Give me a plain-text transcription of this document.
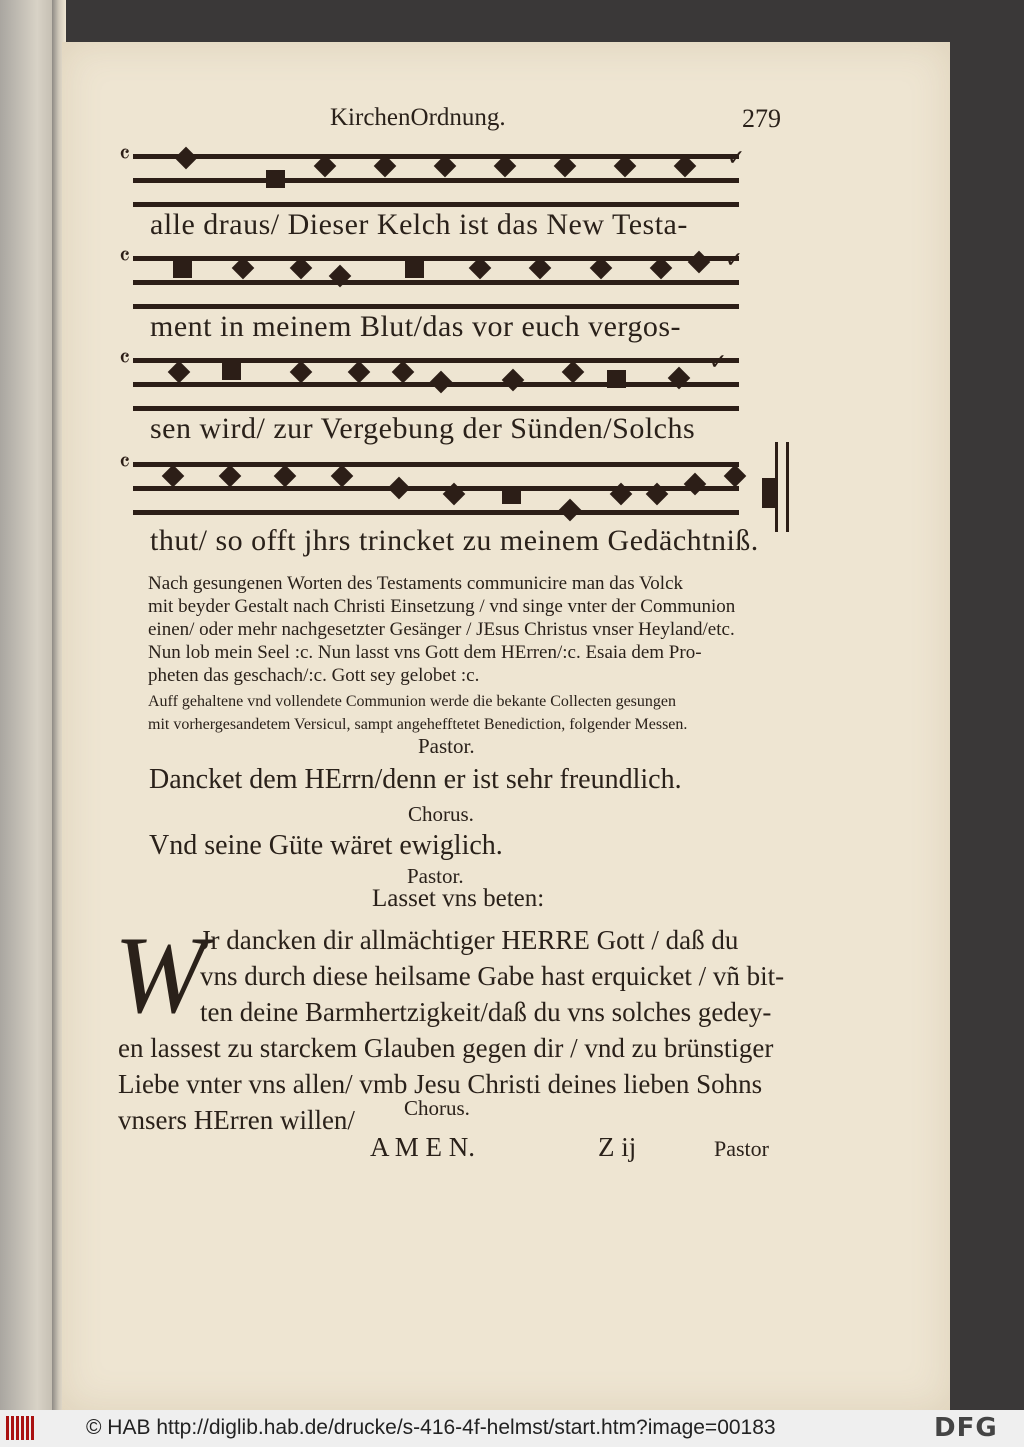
KirchenOrdnung.	279
𝄴	✓
alle draus/ Dieser Kelch ist das New Testa-
𝄴	✓
ment in meinem Blut/das vor euch vergos-
𝄴	✓
sen wird/ zur Vergebung der Sünden/Solchs
𝄴
thut/ so offt jhrs trincket zu meinem Gedächtniß.

Nach gesungenen Worten des Testaments communicire man das Volck

mit beyder Gestalt nach Christi Einsetzung / vnd singe vnter der Communion

einen/ oder mehr nachgesetzter Gesänger / JEsus Christus vnser Heyland/etc.

Nun lob mein Seel :c. Nun lasst vns Gott dem HErren/:c. Esaia dem Pro-

pheten das geschach/:c. Gott sey gelobet :c.

Auff gehaltene vnd vollendete Communion werde die bekante Collecten gesungen

mit vorhergesandetem Versicul, sampt angehefftetet Benediction, folgender Messen.

Pastor.
Dancket dem HErrn/denn er ist sehr freundlich.
Chorus.
Vnd seine Güte wäret ewiglich.
Pastor.
Lasset vns beten:
W

Jr dancken dir allmächtiger HERRE Gott / daß du

vns durch diese heilsame Gabe hast erquicket / vñ bit-

ten deine Barmhertzigkeit/daß du vns solches gedey-

en lassest zu starckem Glauben gegen dir / vnd zu brünstiger

Liebe vnter vns allen/ vmb Jesu Christi deines lieben Sohns

vnsers HErren willen/	Chorus.
A M E N.	Z ij	Pastor
© HAB http://diglib.hab.de/drucke/s-416-4f-helmst/start.htm?image=00183	DFG
